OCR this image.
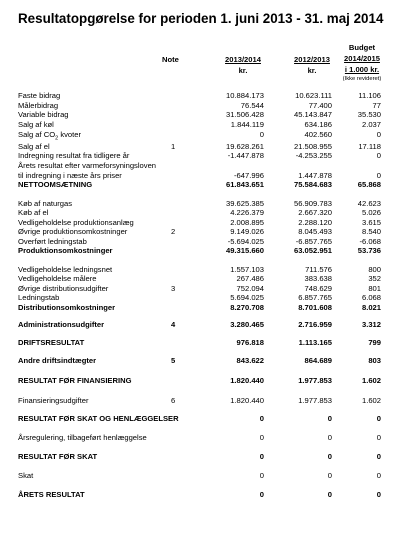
Resultatopgørelse for perioden 1. juni 2013 - 31. maj 2014
Note	2013/2014
kr.
2012/2013
kr.
Budget
2014/2015
i 1.000 kr.
(Ikke revideret)
Faste bidrag	10.884.173	10.623.111	11.106
Målerbidrag	76.544	77.400	77
Variable bidrag	31.506.428	45.143.847	35.530
Salg af køl	1.844.119	634.186	2.037
Salg af $CO_2$ kvoter	0	402.560	0
Salg af el	1	19.628.261	21.508.955	17.118
Indregning resultat fra tidligere år	-1.447.878	-4.253.255	0
Årets resultat efter varmeforsyningsloven
til indregning i næste års priser	-647.996	1.447.878	0
NETTOOMSÆTNING	61.843.651	75.584.683	65.868
Køb af naturgas	39.625.385	56.909.783	42.623
Køb af el	4.226.379	2.667.320	5.026
Vedligeholdelse produktionsanlæg	2.008.895	2.288.120	3.615
Øvrige produktionsomkostninger	2	9.149.026	8.045.493	8.540
Overført ledningstab	-5.694.025	-6.857.765	-6.068
Produktionsomkostninger	49.315.660	63.052.951	53.736
Vedligeholdelse ledningsnet	1.557.103	711.576	800
Vedligeholdelse målere	267.486	383.638	352
Øvrige distributionsudgifter	3	752.094	748.629	801
Ledningstab	5.694.025	6.857.765	6.068
Distributionsomkostninger	8.270.708	8.701.608	8.021
Administrationsudgifter	4	3.280.465	2.716.959	3.312
DRIFTSRESULTAT	976.818	1.113.165	799
Andre driftsindtægter	5	843.622	864.689	803
RESULTAT FØR FINANSIERING	1.820.440	1.977.853	1.602
Finansieringsudgifter	6	1.820.440	1.977.853	1.602
RESULTAT FØR SKAT OG HENLÆGGELSER	0	0	0
Årsregulering, tilbageført henlæggelse	0	0	0
RESULTAT FØR SKAT	0	0	0
Skat	0	0	0
ÅRETS RESULTAT	0	0	0
